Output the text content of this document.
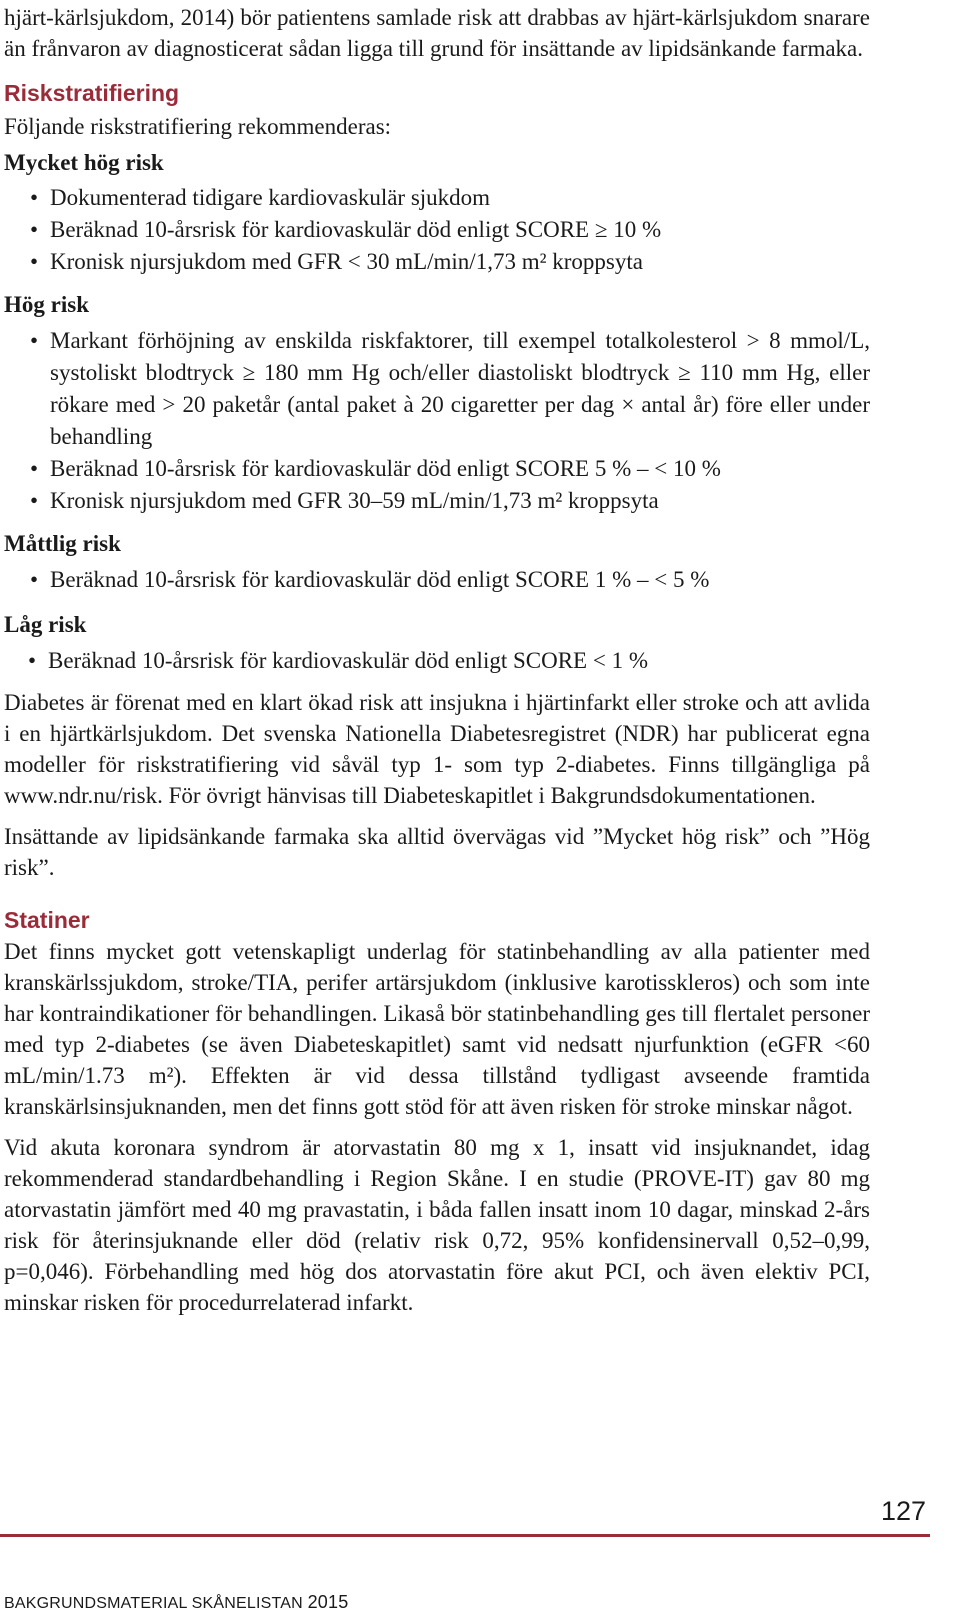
hjärt-kärlsjukdom, 2014) bör patientens samlade risk att drabbas av hjärt-kärlsjukdom snarare än frånvaron av diagnosticerat sådan ligga till grund för insättande av lipidsänkande farmaka.

Riskstratifiering

Följande riskstratifiering rekommenderas:

Mycket hög risk
• Dokumenterad tidigare kardiovaskulär sjukdom
• Beräknad 10-årsrisk för kardiovaskulär död enligt SCORE ≥ 10 %
• Kronisk njursjukdom med GFR < 30 mL/min/1,73 m² kroppsyta
Hög risk
• Markant förhöjning av enskilda riskfaktorer, till exempel totalkolesterol > 8 mmol/L, systoliskt blodtryck ≥ 180 mm Hg och/eller diastoliskt blodtryck ≥ 110 mm Hg, eller rökare med > 20 paketår (antal paket à 20 cigaretter per dag × antal år) före eller under behandling
• Beräknad 10-årsrisk för kardiovaskulär död enligt SCORE 5 % – < 10 %
• Kronisk njursjukdom med GFR 30–59 mL/min/1,73 m² kroppsyta
Måttlig risk
• Beräknad 10-årsrisk för kardiovaskulär död enligt SCORE 1 % – < 5 %
Låg risk
• Beräknad 10-årsrisk för kardiovaskulär död enligt SCORE < 1 %

Diabetes är förenat med en klart ökad risk att insjukna i hjärtinfarkt eller stroke och att avlida i en hjärtkärlsjukdom. Det svenska Nationella Diabetesregistret (NDR) har publicerat egna modeller för riskstratifiering vid såväl typ 1- som typ 2-diabetes. Finns tillgängliga på www.ndr.nu/risk. För övrigt hänvisas till Diabeteskapitlet i Bakgrundsdokumentationen.

Insättande av lipidsänkande farmaka ska alltid övervägas vid ”Mycket hög risk” och ”Hög risk”.

Statiner

Det finns mycket gott vetenskapligt underlag för statinbehandling av alla patienter med kranskärlssjukdom, stroke/TIA, perifer artärsjukdom (inklusive karotisskleros) och som inte har kontraindikationer för behandlingen. Likaså bör statinbehandling ges till flertalet personer med typ 2-diabetes (se även Diabeteskapitlet) samt vid nedsatt njurfunktion (eGFR <60 mL/min/1.73 m²). Effekten är vid dessa tillstånd tydligast avseende framtida kranskärlsinsjuknanden, men det finns gott stöd för att även risken för stroke minskar något.

Vid akuta koronara syndrom är atorvastatin 80 mg x 1, insatt vid insjuknandet, idag rekommenderad standardbehandling i Region Skåne. I en studie (PROVE-IT) gav 80 mg atorvastatin jämfört med 40 mg pravastatin, i båda fallen insatt inom 10 dagar, minskad 2-års risk för återinsjuknande eller död (relativ risk 0,72, 95% konfidensinervall 0,52–0,99, p=0,046). Förbehandling med hög dos atorvastatin före akut PCI, och även elektiv PCI, minskar risken för procedurrelaterad infarkt.

127
BAKGRUNDSMATERIAL SKÅNELISTAN 2015
